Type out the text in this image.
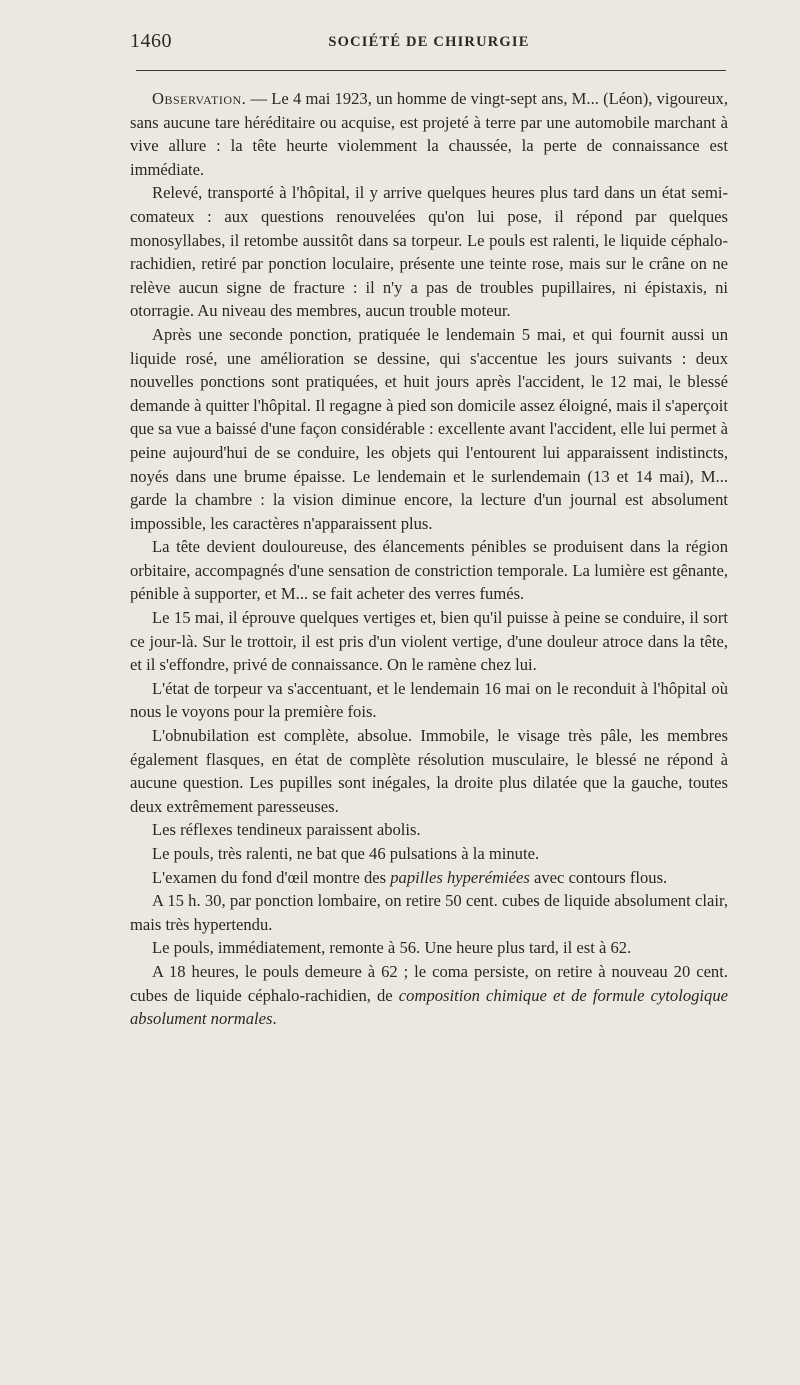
1460	SOCIÉTÉ DE CHIRURGIE

Observation. — Le 4 mai 1923, un homme de vingt-sept ans, M... (Léon), vigoureux, sans aucune tare héréditaire ou acquise, est projeté à terre par une automobile marchant à vive allure : la tête heurte violemment la chaussée, la perte de connaissance est immédiate.

Relevé, transporté à l'hôpital, il y arrive quelques heures plus tard dans un état semi-comateux : aux questions renouvelées qu'on lui pose, il répond par quelques monosyllabes, il retombe aussitôt dans sa torpeur. Le pouls est ralenti, le liquide céphalo-rachidien, retiré par ponction loculaire, présente une teinte rose, mais sur le crâne on ne relève aucun signe de fracture : il n'y a pas de troubles pupillaires, ni épistaxis, ni otorragie. Au niveau des membres, aucun trouble moteur.

Après une seconde ponction, pratiquée le lendemain 5 mai, et qui fournit aussi un liquide rosé, une amélioration se dessine, qui s'accentue les jours suivants : deux nouvelles ponctions sont pratiquées, et huit jours après l'accident, le 12 mai, le blessé demande à quitter l'hôpital. Il regagne à pied son domicile assez éloigné, mais il s'aperçoit que sa vue a baissé d'une façon considérable : excellente avant l'accident, elle lui permet à peine aujourd'hui de se conduire, les objets qui l'entourent lui apparaissent indistincts, noyés dans une brume épaisse. Le lendemain et le surlendemain (13 et 14 mai), M... garde la chambre : la vision diminue encore, la lecture d'un journal est absolument impossible, les caractères n'apparaissent plus.

La tête devient douloureuse, des élancements pénibles se produisent dans la région orbitaire, accompagnés d'une sensation de constriction temporale. La lumière est gênante, pénible à supporter, et M... se fait acheter des verres fumés.

Le 15 mai, il éprouve quelques vertiges et, bien qu'il puisse à peine se conduire, il sort ce jour-là. Sur le trottoir, il est pris d'un violent vertige, d'une douleur atroce dans la tête, et il s'effondre, privé de connaissance. On le ramène chez lui.

L'état de torpeur va s'accentuant, et le lendemain 16 mai on le reconduit à l'hôpital où nous le voyons pour la première fois.

L'obnubilation est complète, absolue. Immobile, le visage très pâle, les membres également flasques, en état de complète résolution musculaire, le blessé ne répond à aucune question. Les pupilles sont inégales, la droite plus dilatée que la gauche, toutes deux extrêmement paresseuses.

Les réflexes tendineux paraissent abolis.

Le pouls, très ralenti, ne bat que 46 pulsations à la minute.

L'examen du fond d'œil montre des papilles hyperémiées avec contours flous.

A 15 h. 30, par ponction lombaire, on retire 50 cent. cubes de liquide absolument clair, mais très hypertendu.

Le pouls, immédiatement, remonte à 56. Une heure plus tard, il est à 62.

A 18 heures, le pouls demeure à 62 ; le coma persiste, on retire à nouveau 20 cent. cubes de liquide céphalo-rachidien, de composition chimique et de formule cytologique absolument normales.
